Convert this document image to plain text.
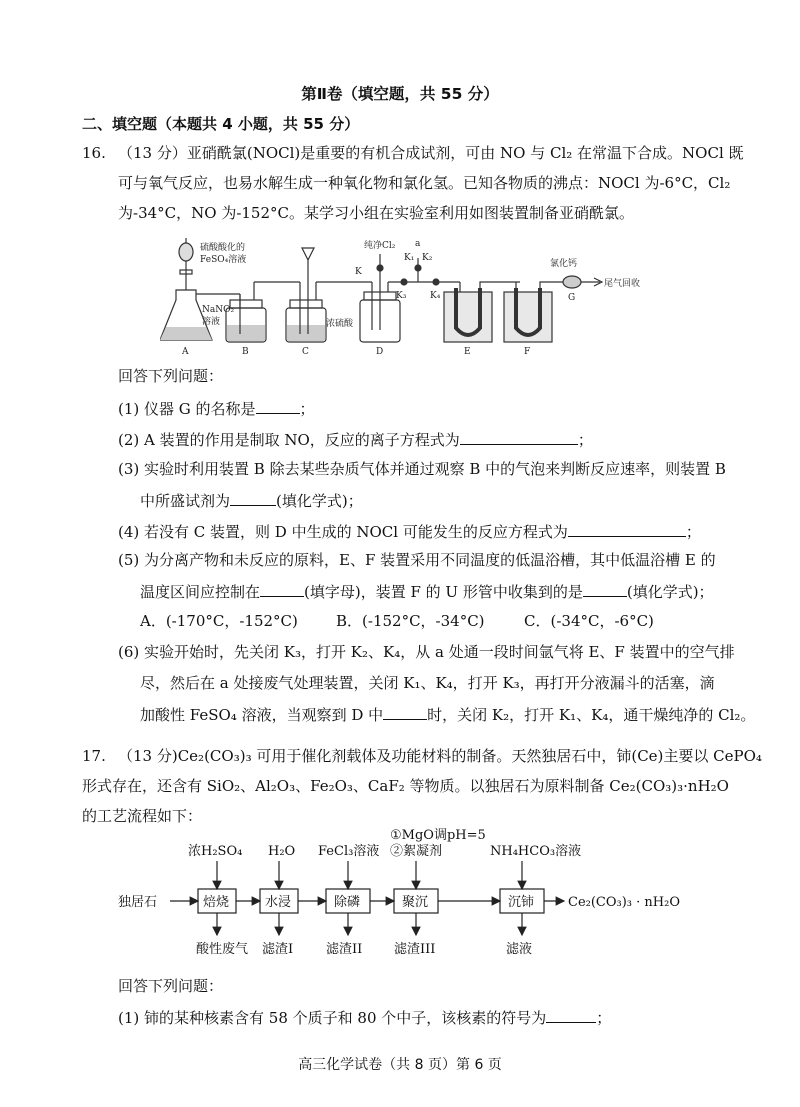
第Ⅱ卷（填空题，共 55 分）
二、填空题（本题共 4 小题，共 55 分）
16. （13 分）亚硝酰氯(NOCl)是重要的有机合成试剂，可由 NO 与 Cl₂ 在常温下合成。NOCl 既
可与氧气反应，也易水解生成一种氧化物和氯化氢。已知各物质的沸点：NOCl 为-6°C，Cl₂
为-34°C，NO 为-152°C。某学习小组在实验室利用如图装置制备亚硝酰氯。
硫酸酸化的
FeSO₄溶液
NaNO₂
溶液	浓硫酸
纯净Cl₂
K
a
K₁ K₂
K₃	K₄
氯化钙
G
尾气回收
A	B	C	D	E	F
回答下列问题：
(1) 仪器 G 的名称是	；
(2) A 装置的作用是制取 NO，反应的离子方程式为	；
(3) 实验时利用装置 B 除去某些杂质气体并通过观察 B 中的气泡来判断反应速率，则装置 B
中所盛试剂为	(填化学式)；
(4) 若没有 C 装置，则 D 中生成的 NOCl 可能发生的反应方程式为	；
(5) 为分离产物和未反应的原料，E、F 装置采用不同温度的低温浴槽，其中低温浴槽 E 的
温度区间应控制在	(填字母)，装置 F 的 U 形管中收集到的是	(填化学式)；
A．(-170°C，-152°C)	B．(-152°C，-34°C)	C．(-34°C，-6°C)
(6) 实验开始时，先关闭 K₃，打开 K₂、K₄，从 a 处通一段时间氩气将 E、F 装置中的空气排
尽，然后在 a 处接废气处理装置，关闭 K₁、K₄，打开 K₃，再打开分液漏斗的活塞，滴
加酸性 FeSO₄ 溶液，当观察到 D 中	时，关闭 K₂，打开 K₁、K₄，通干燥纯净的 Cl₂。
17. （13 分)Ce₂(CO₃)₃ 可用于催化剂载体及功能材料的制备。天然独居石中，铈(Ce)主要以 CePO₄
形式存在，还含有 SiO₂、Al₂O₃、Fe₂O₃、CaF₂ 等物质。以独居石为原料制备 Ce₂(CO₃)₃·nH₂O
的工艺流程如下：
独居石	焙烧	水浸	除磷	聚沉	沉铈
浓H₂SO₄ H₂O FeCl₃溶液
①MgO调pH=5
②絮凝剂	NH₄HCO₃溶液
酸性废气 滤渣I	滤渣II 滤渣III	滤液
Ce₂(CO₃)₃ · nH₂O
回答下列问题：
(1) 铈的某种核素含有 58 个质子和 80 个中子，该核素的符号为	；
高三化学试卷（共 8 页）第 6 页
